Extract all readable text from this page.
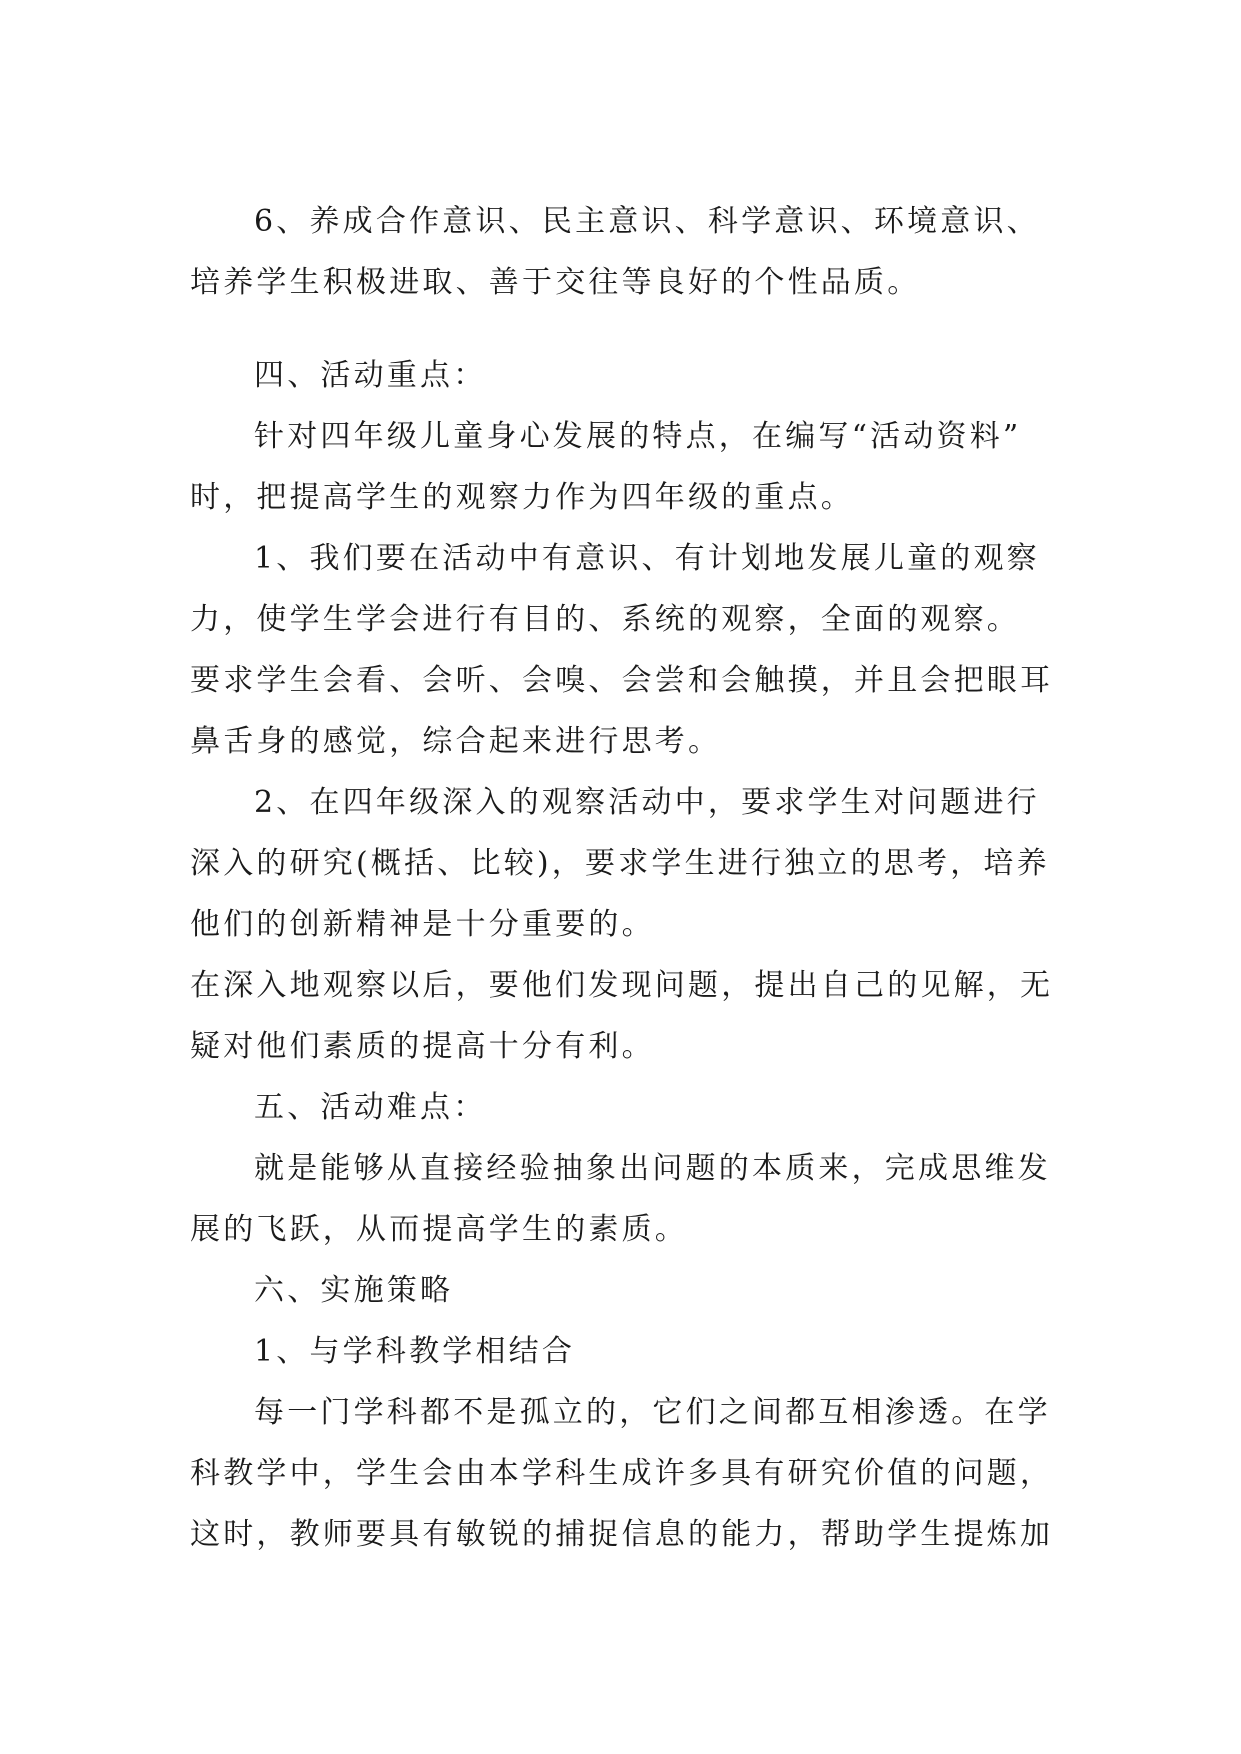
6、养成合作意识、民主意识、科学意识、环境意识、
培养学生积极进取、善于交往等良好的个性品质。
四、活动重点：
针对四年级儿童身心发展的特点，在编写“活动资料”
时，把提高学生的观察力作为四年级的重点。
1、我们要在活动中有意识、有计划地发展儿童的观察
力，使学生学会进行有目的、系统的观察，全面的观察。
要求学生会看、会听、会嗅、会尝和会触摸，并且会把眼耳
鼻舌身的感觉，综合起来进行思考。
2、在四年级深入的观察活动中，要求学生对问题进行
深入的研究(概括、比较)，要求学生进行独立的思考，培养
他们的创新精神是十分重要的。
在深入地观察以后，要他们发现问题，提出自己的见解，无
疑对他们素质的提高十分有利。
五、活动难点：
就是能够从直接经验抽象出问题的本质来，完成思维发
展的飞跃，从而提高学生的素质。
六、实施策略
1、与学科教学相结合
每一门学科都不是孤立的，它们之间都互相渗透。在学
科教学中，学生会由本学科生成许多具有研究价值的问题，
这时，教师要具有敏锐的捕捉信息的能力，帮助学生提炼加
